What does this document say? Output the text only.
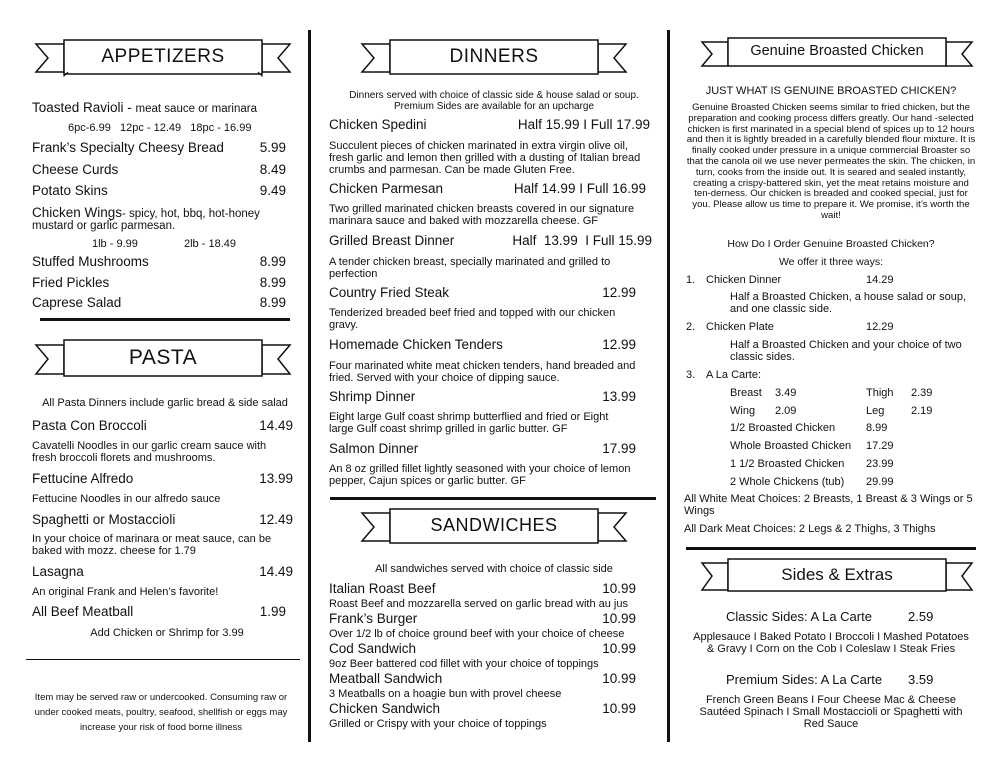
APPETIZERS
Toasted Ravioli - meat sauce or marinara
6pc-6.99   12pc - 12.49   18pc - 16.99
Frank’s Specialty Cheesy Bread	5.99
Cheese Curds	8.49
Potato Skins	9.49
Chicken Wings- spicy, hot, bbq, hot-honey
mustard or garlic parmesan.
1lb - 9.99	2lb - 18.49
Stuffed Mushrooms	8.99
Fried Pickles	8.99
Caprese Salad	8.99
PASTA
All Pasta Dinners include garlic bread & side salad
Pasta Con Broccoli	14.49
Cavatelli Noodles in our garlic cream sauce with fresh broccoli florets and mushrooms.
Fettucine Alfredo	13.99
Fettucine Noodles in our alfredo sauce
Spaghetti or Mostaccioli	12.49
In your choice of marinara or meat sauce, can be baked with mozz. cheese for 1.79
Lasagna	14.49
An original Frank and Helen’s favorite!
All Beef Meatball	1.99
Add Chicken or Shrimp for 3.99
Item may be served raw or undercooked. Consuming raw or under cooked meats, poultry, seafood, shellfish or eggs may increase your risk of food borne illness
DINNERS
Dinners served with choice of classic side & house salad or soup. Premium Sides are available for an upcharge
Chicken Spedini	Half 15.99 I Full 17.99
Succulent pieces of chicken marinated in extra virgin olive oil, fresh garlic and lemon then grilled with a dusting of Italian bread crumbs and parmesan. Can be made Gluten Free.
Chicken Parmesan	Half 14.99 I Full 16.99
Two grilled marinated chicken breasts covered in our signature marinara sauce and baked with mozzarella cheese. GF
Grilled Breast Dinner	Half  13.99  I Full 15.99
A tender chicken breast, specially marinated and grilled to perfection
Country Fried Steak	12.99
Tenderized breaded beef fried and topped with our chicken gravy.
Homemade Chicken Tenders	12.99
Four marinated white meat chicken tenders, hand breaded and fried. Served with your choice of dipping sauce.
Shrimp Dinner	13.99
Eight large Gulf coast shrimp butterflied and fried or Eight large Gulf coast shrimp grilled in garlic butter. GF
Salmon Dinner	17.99
An 8 oz grilled fillet lightly seasoned with your choice of lemon pepper, Cajun spices or garlic butter. GF
SANDWICHES
All sandwiches served with choice of classic side
Italian Roast Beef	10.99
Roast Beef and mozzarella served on garlic bread with au jus
Frank’s Burger	10.99
Over 1/2 lb of choice ground beef with your choice of cheese
Cod Sandwich	10.99
9oz Beer battered cod fillet with your choice of toppings
Meatball Sandwich	10.99
3 Meatballs on a hoagie bun with provel cheese
Chicken Sandwich	10.99
Grilled or Crispy with your choice of toppings
Genuine Broasted Chicken
JUST WHAT IS GENUINE BROASTED CHICKEN?
Genuine Broasted Chicken seems similar to fried chicken, but the preparation and cooking process differs greatly. Our hand -selected chicken is first marinated in a special blend of spices up to 12 hours and then it is lightly breaded in a carefully blended flour mixture. It is finally cooked under pressure in a unique commercial Broaster so that the canola oil we use never permeates the skin. The chicken, in turn, cooks from the inside out. It is seared and sealed instantly, creating a crispy-battered skin, yet the meat retains moisture and ten-derness. Our chicken is breaded and cooked special, just for you. Please allow us time to prepare it. We promise, it’s worth the wait!
How Do I Order Genuine Broasted Chicken?
We offer it three ways:
1. Chicken Dinner	14.29
Half a Broasted Chicken, a house salad or soup, and one classic side.
2. Chicken Plate	12.29
Half a Broasted Chicken and your choice of two classic sides.
3. A La Carte:
Breast 3.49	Thigh 2.39
Wing 2.09	Leg 2.19
1/2 Broasted Chicken	8.99
Whole Broasted Chicken 17.29
1 1/2 Broasted Chicken 23.99
2 Whole Chickens (tub) 29.99
All White Meat Choices: 2 Breasts, 1 Breast & 3 Wings or 5 Wings
All Dark Meat Choices: 2 Legs & 2 Thighs, 3 Thighs
Sides & Extras
Classic Sides: A La Carte	2.59
Applesauce I Baked Potato I Broccoli I Mashed Potatoes & Gravy I Corn on the Cob I Coleslaw I Steak Fries
Premium Sides: A La Carte 3.59
French Green Beans I Four Cheese Mac & Cheese Sautéed Spinach I Small Mostaccioli or Spaghetti with Red Sauce
